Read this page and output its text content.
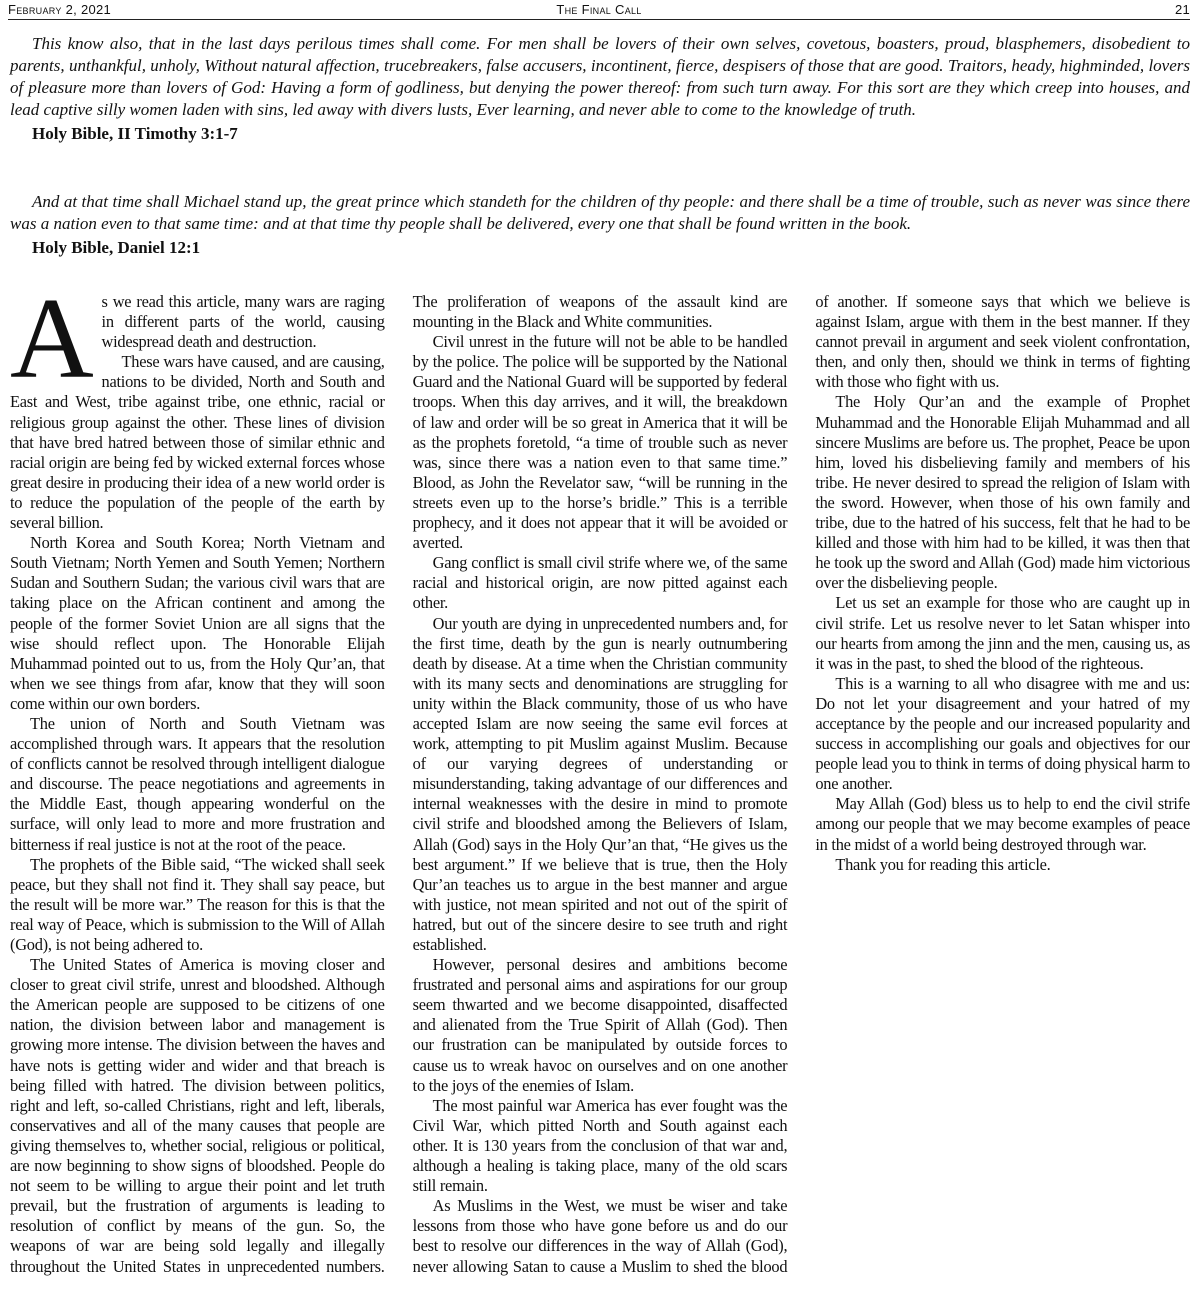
February 2, 2021	The Final Call	21

This know also, that in the last days perilous times shall come. For men shall be lovers of their own selves, covetous, boasters, proud, blasphemers, disobedient to parents, unthankful, unholy, Without natural affection, trucebreakers, false accusers, incontinent, fierce, despisers of those that are good. Traitors, heady, highminded, lovers of pleasure more than lovers of God: Having a form of godliness, but denying the power thereof: from such turn away. For this sort are they which creep into houses, and lead captive silly women laden with sins, led away with divers lusts, Ever learning, and never able to come to the knowledge of truth.

Holy Bible, II Timothy 3:1-7

And at that time shall Michael stand up, the great prince which standeth for the children of thy people: and there shall be a time of trouble, such as never was since there was a nation even to that same time: and at that time thy people shall be delivered, every one that shall be found written in the book.

Holy Bible, Daniel 12:1

As we read this article, many wars are raging in different parts of the world, causing widespread death and destruction.

These wars have caused, and are causing, nations to be divided, North and South and East and West, tribe against tribe, one ethnic, racial or religious group against the other. These lines of division that have bred hatred between those of similar ethnic and racial origin are being fed by wicked external forces whose great desire in producing their idea of a new world order is to reduce the population of the people of the earth by several billion.

North Korea and South Korea; North Vietnam and South Vietnam; North Yemen and South Yemen; Northern Sudan and Southern Sudan; the various civil wars that are taking place on the African continent and among the people of the former Soviet Union are all signs that the wise should reflect upon. The Honorable Elijah Muhammad pointed out to us, from the Holy Qur’an, that when we see things from afar, know that they will soon come within our own borders.

The union of North and South Vietnam was accomplished through wars. It appears that the resolution of conflicts cannot be resolved through intelligent dialogue and discourse. The peace negotiations and agreements in the Middle East, though appearing wonderful on the surface, will only lead to more and more frustration and bitterness if real justice is not at the root of the peace.

The prophets of the Bible said, “The wicked shall seek peace, but they shall not find it. They shall say peace, but the result will be more war.” The reason for this is that the real way of Peace, which is submission to the Will of Allah (God), is not being adhered to.

The United States of America is moving closer and closer to great civil strife, unrest and bloodshed. Although the American people are supposed to be citizens of one nation, the division between labor and management is growing more intense. The division between the haves and have nots is getting wider and wider and that breach is being filled with hatred. The division between politics, right and left, so-called Christians, right and left, liberals, conservatives and all of the many causes that people are giving themselves to, whether social, religious or political, are now beginning to show signs of bloodshed. People do not seem to be willing to argue their point and let truth prevail, but the frustration of arguments is leading to resolution of conflict by means of the gun. So, the weapons of war are being sold legally and illegally throughout the United States in unprecedented numbers. The proliferation of weapons of the assault kind are mounting in the Black and White communities.

Civil unrest in the future will not be able to be handled by the police. The police will be supported by the National Guard and the National Guard will be supported by federal troops. When this day arrives, and it will, the breakdown of law and order will be so great in America that it will be as the prophets foretold, “a time of trouble such as never was, since there was a nation even to that same time.” Blood, as John the Revelator saw, “will be running in the streets even up to the horse’s bridle.” This is a terrible prophecy, and it does not appear that it will be avoided or averted.

Gang conflict is small civil strife where we, of the same racial and historical origin, are now pitted against each other.

Our youth are dying in unprecedented numbers and, for the first time, death by the gun is nearly outnumbering death by disease. At a time when the Christian community with its many sects and denominations are struggling for unity within the Black community, those of us who have accepted Islam are now seeing the same evil forces at work, attempting to pit Muslim against Muslim. Because of our varying degrees of understanding or misunderstanding, taking advantage of our differences and internal weaknesses with the desire in mind to promote civil strife and bloodshed among the Believers of Islam, Allah (God) says in the Holy Qur’an that, “He gives us the best argument.” If we believe that is true, then the Holy Qur’an teaches us to argue in the best manner and argue with justice, not mean spirited and not out of the spirit of hatred, but out of the sincere desire to see truth and right established.

However, personal desires and ambitions become frustrated and personal aims and aspirations for our group seem thwarted and we become disappointed, disaffected and alienated from the True Spirit of Allah (God). Then our frustration can be manipulated by outside forces to cause us to wreak havoc on ourselves and on one another to the joys of the enemies of Islam.

The most painful war America has ever fought was the Civil War, which pitted North and South against each other. It is 130 years from the conclusion of that war and, although a healing is taking place, many of the old scars still remain.

As Muslims in the West, we must be wiser and take lessons from those who have gone before us and do our best to resolve our differences in the way of Allah (God), never allowing Satan to cause a Muslim to shed the blood of another. If someone says that which we believe is against Islam, argue with them in the best manner. If they cannot prevail in argument and seek violent confrontation, then, and only then, should we think in terms of fighting with those who fight with us.

The Holy Qur’an and the example of Prophet Muhammad and the Honorable Elijah Muhammad and all sincere Muslims are before us. The prophet, Peace be upon him, loved his disbelieving family and members of his tribe. He never desired to spread the religion of Islam with the sword. However, when those of his own family and tribe, due to the hatred of his success, felt that he had to be killed and those with him had to be killed, it was then that he took up the sword and Allah (God) made him victorious over the disbelieving people.

Let us set an example for those who are caught up in civil strife. Let us resolve never to let Satan whisper into our hearts from among the jinn and the men, causing us, as it was in the past, to shed the blood of the righteous.

This is a warning to all who disagree with me and us: Do not let your disagreement and your hatred of my acceptance by the people and our increased popularity and success in accomplishing our goals and objectives for our people lead you to think in terms of doing physical harm to one another.

May Allah (God) bless us to help to end the civil strife among our people that we may become examples of peace in the midst of a world being destroyed through war.

Thank you for reading this article.
